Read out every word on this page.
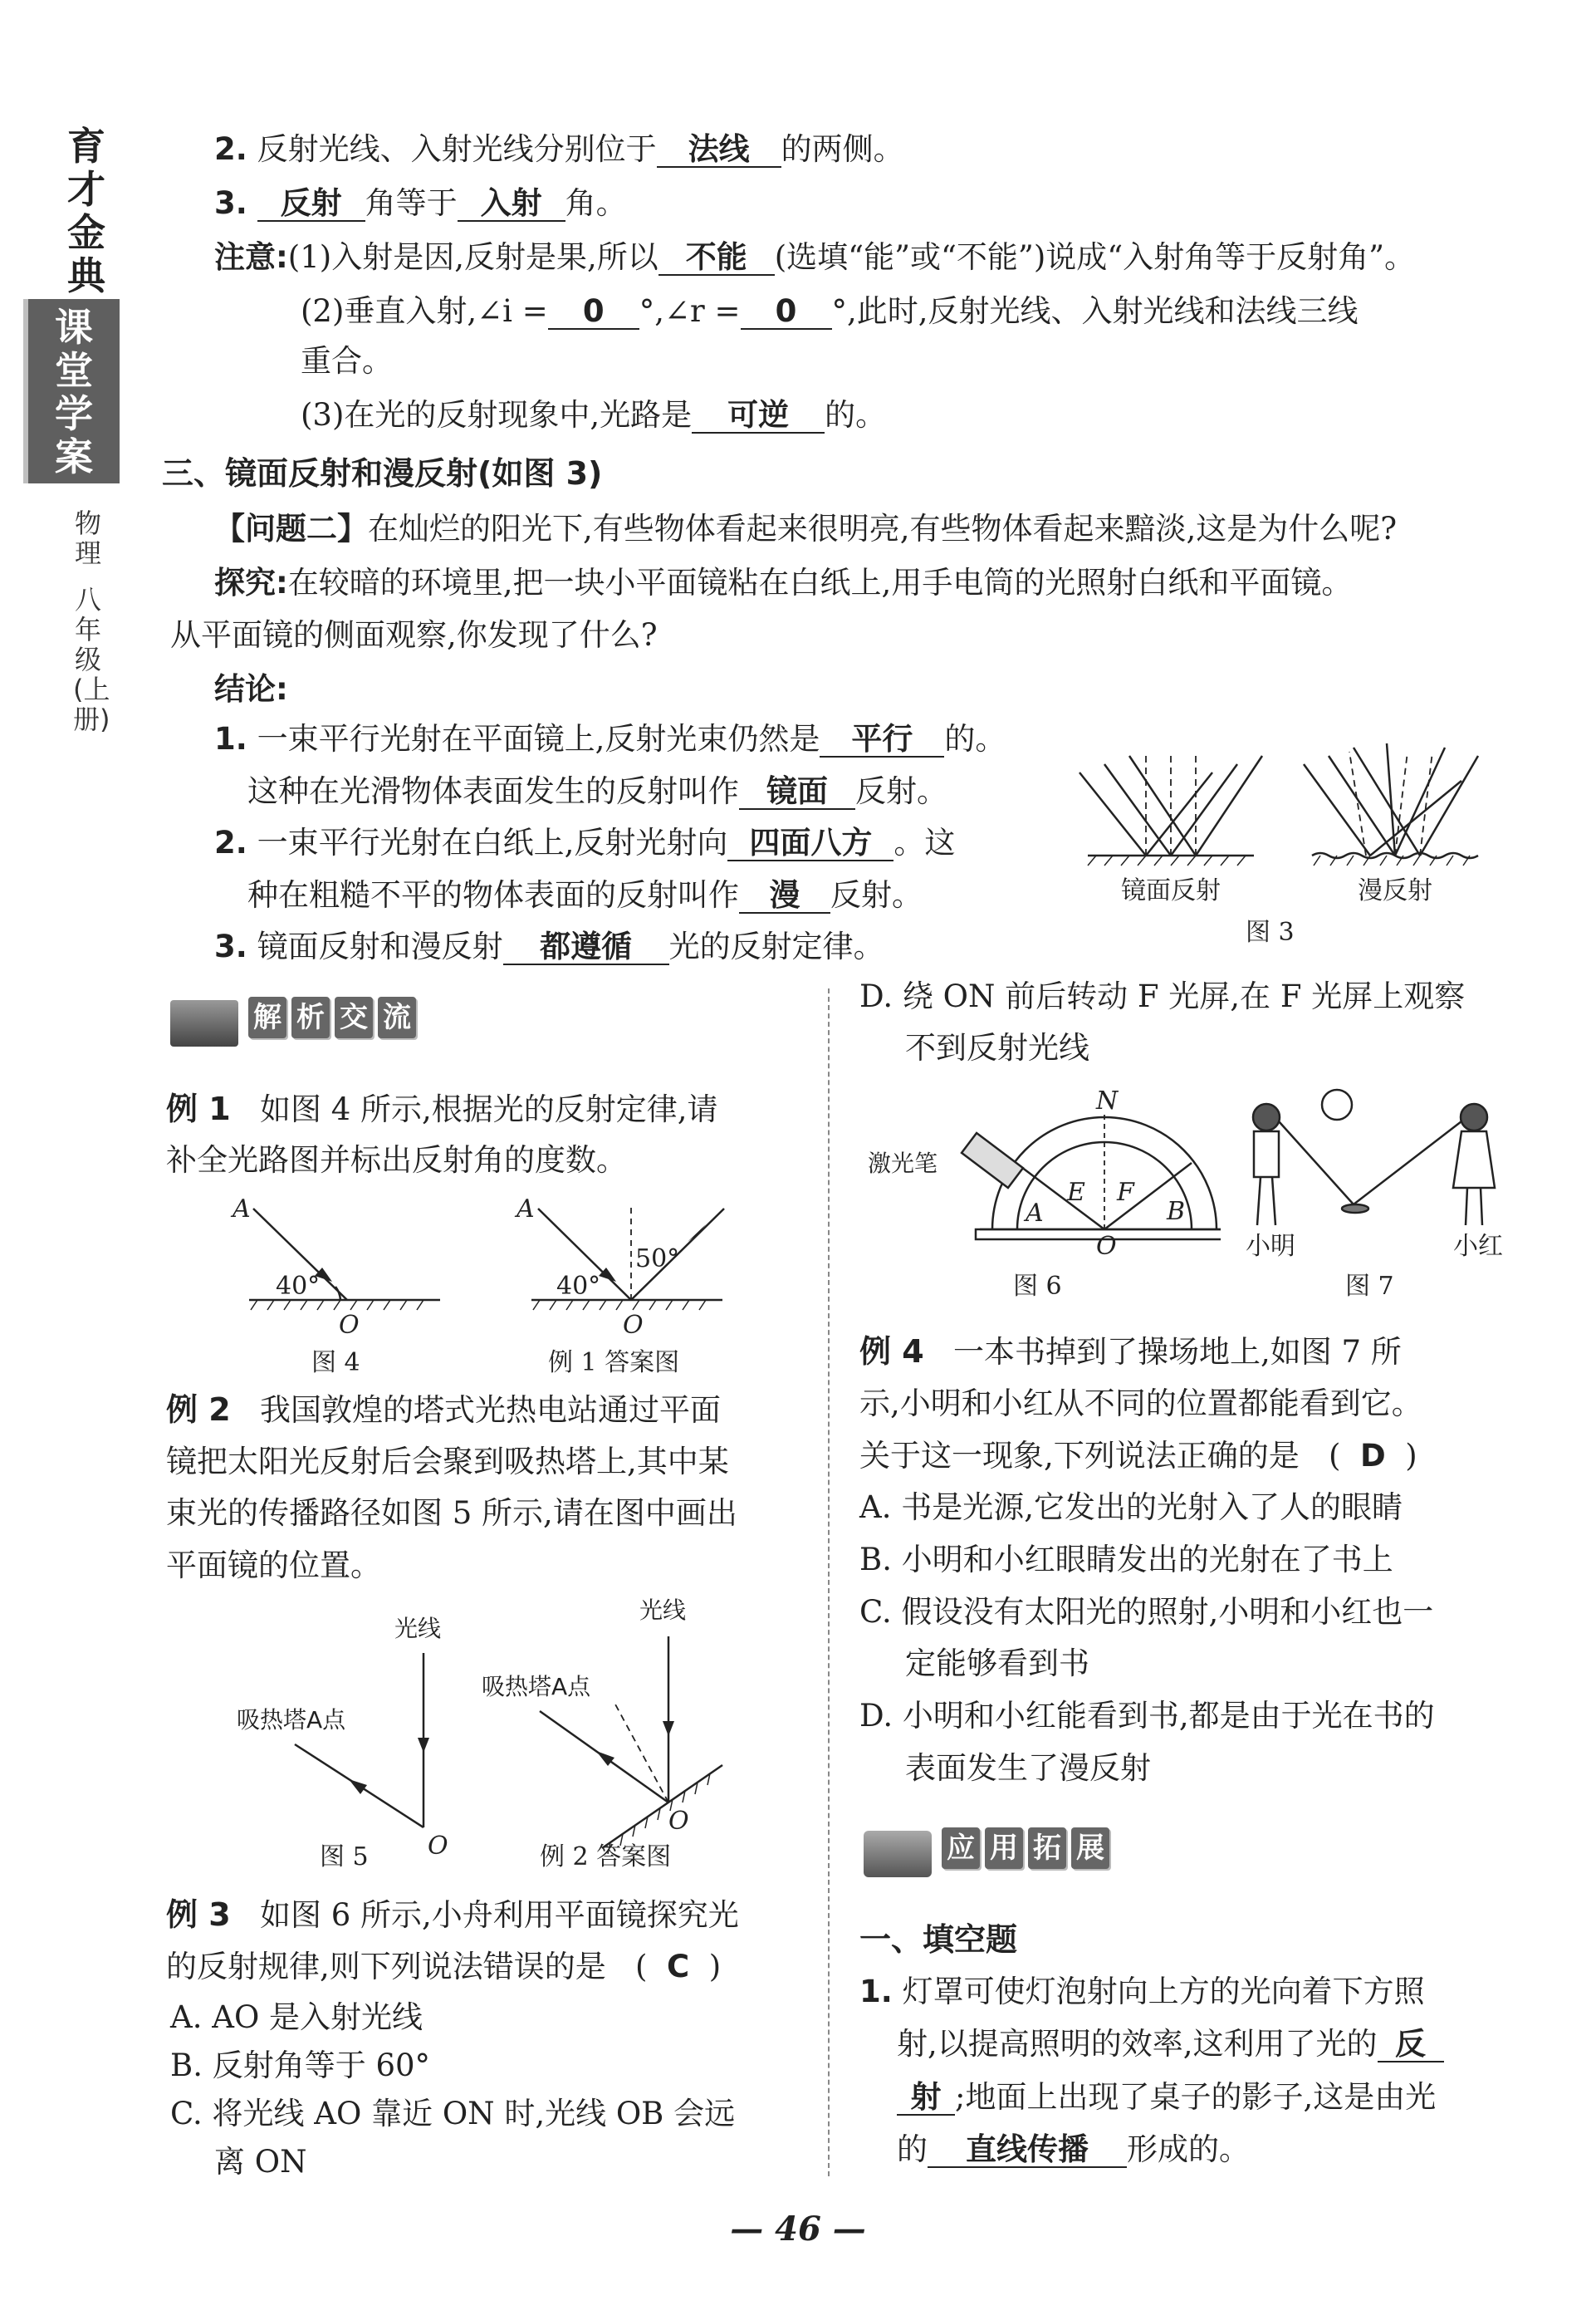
育才金典
课堂学案
物理
八年级(上册)
2. 反射光线、入射光线分别位于 法线 的两侧。
3. 反射 角等于 入射 角。
注意:(1)入射是因,反射是果,所以 不能 (选填“能”或“不能”)说成“入射角等于反射角”。
(2)垂直入射,∠i = 0 °,∠r = 0 °,此时,反射光线、入射光线和法线三线
重合。
(3)在光的反射现象中,光路是 可逆 的。
三、镜面反射和漫反射(如图 3)
【问题二】在灿烂的阳光下,有些物体看起来很明亮,有些物体看起来黯淡,这是为什么呢?
探究:在较暗的环境里,把一块小平面镜粘在白纸上,用手电筒的光照射白纸和平面镜。
从平面镜的侧面观察,你发现了什么?
结论:
1. 一束平行光射在平面镜上,反射光束仍然是 平行 的。
这种在光滑物体表面发生的反射叫作 镜面 反射。
2. 一束平行光射在白纸上,反射光射向 四面八方 。这
种在粗糙不平的物体表面的反射叫作 漫 反射。
3. 镜面反射和漫反射 都遵循 光的反射定律。
镜面反射	漫反射
图 3
解 析 交 流
例 1 如图 4 所示,根据光的反射定律,请
补全光路图并标出反射角的度数。
A
40°
O
图 4
A
40°
50°
O
例 1 答案图
例 2 我国敦煌的塔式光热电站通过平面
镜把太阳光反射后会聚到吸热塔上,其中某
束光的传播路径如图 5 所示,请在图中画出
平面镜的位置。
光线
吸热塔A点
O
图 5
光线
吸热塔A点
O
例 2 答案图
例 3 如图 6 所示,小舟利用平面镜探究光
的反射规律,则下列说法错误的是   (  C  )
A. AO 是入射光线
B. 反射角等于 60°
C. 将光线 AO 靠近 ON 时,光线 OB 会远
离 ON
D. 绕 ON 前后转动 F 光屏,在 F 光屏上观察
不到反射光线
激光笔
N
E F
A	B
O
图 6
小明	小红
图 7
例 4 一本书掉到了操场地上,如图 7 所
示,小明和小红从不同的位置都能看到它。
关于这一现象,下列说法正确的是   (  D  )
A. 书是光源,它发出的光射入了人的眼睛
B. 小明和小红眼睛发出的光射在了书上
C. 假设没有太阳光的照射,小明和小红也一
定能够看到书
D. 小明和小红能看到书,都是由于光在书的
表面发生了漫反射
应 用 拓 展
一、填空题
1. 灯罩可使灯泡射向上方的光向着下方照
射,以提高照明的效率,这利用了光的 反
射 ;地面上出现了桌子的影子,这是由光
的 直线传播 形成的。
— 46 —
